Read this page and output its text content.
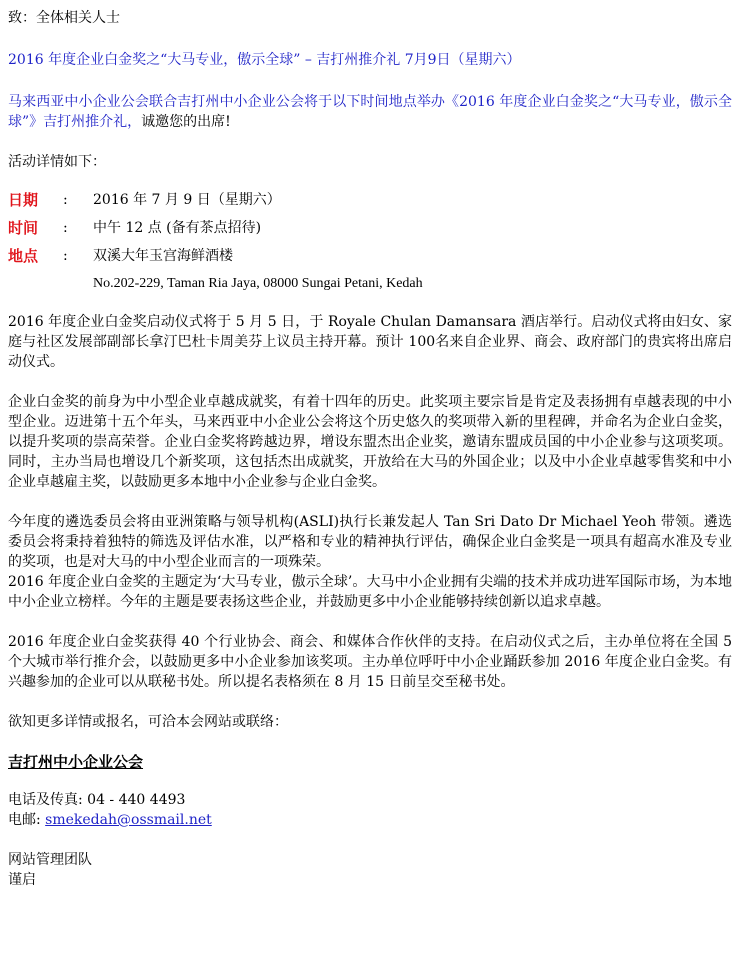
致：全体相关人士

2016 年度企业白金奖之“大马专业，傲示全球” – 吉打州推介礼 7月9日（星期六）

马来西亚中小企业公会联合吉打州中小企业公会将于以下时间地点举办《2016 年度企业白金奖之“大马专业，傲示全球”》吉打州推介礼，诚邀您的出席!

活动详情如下：

日期	:	2016 年 7 月 9 日（星期六）
时间	:	中午 12 点 (备有茶点招待)
地点	:	双溪大年玉宫海鲜酒楼
No.202-229, Taman Ria Jaya, 08000 Sungai Petani, Kedah

2016 年度企业白金奖启动仪式将于 5 月 5 日，于 Royale Chulan Damansara 酒店举行。启动仪式将由妇女、家庭与社区发展部副部长拿汀巴杜卡周美芬上议员主持开幕。预计 100名来自企业界、商会、政府部门的贵宾将出席启动仪式。

企业白金奖的前身为中小型企业卓越成就奖，有着十四年的历史。此奖项主要宗旨是肯定及表扬拥有卓越表现的中小型企业。迈进第十五个年头，马来西亚中小企业公会将这个历史悠久的奖项带入新的里程碑，并命名为企业白金奖，以提升奖项的崇高荣誉。企业白金奖将跨越边界，增设东盟杰出企业奖，邀请东盟成员国的中小企业参与这项奖项。同时，主办当局也增设几个新奖项，这包括杰出成就奖，开放给在大马的外国企业；以及中小企业卓越零售奖和中小企业卓越雇主奖，以鼓励更多本地中小企业参与企业白金奖。

今年度的遴选委员会将由亚洲策略与领导机构(ASLI)执行长兼发起人 Tan Sri Dato Dr Michael Yeoh 带领。遴选委员会将秉持着独特的筛选及评估水准，以严格和专业的精神执行评估，确保企业白金奖是一项具有超高水准及专业的奖项，也是对大马的中小型企业而言的一项殊荣。

2016 年度企业白金奖的主题定为‘大马专业，傲示全球’。大马中小企业拥有尖端的技术并成功进军国际市场，为本地中小企业立榜样。今年的主题是要表扬这些企业，并鼓励更多中小企业能够持续创新以追求卓越。

2016 年度企业白金奖获得 40 个行业协会、商会、和媒体合作伙伴的支持。在启动仪式之后，主办单位将在全国 5 个大城市举行推介会，以鼓励更多中小企业参加该奖项。主办单位呼吁中小企业踊跃参加 2016 年度企业白金奖。有兴趣参加的企业可以从联秘书处。所以提名表格须在 8 月 15 日前呈交至秘书处。

欲知更多详情或报名，可洽本会网站或联络：

吉打州中小企业公会

电话及传真: 04 - 440 4493

电邮: smekedah@ossmail.net

网站管理团队

谨启
